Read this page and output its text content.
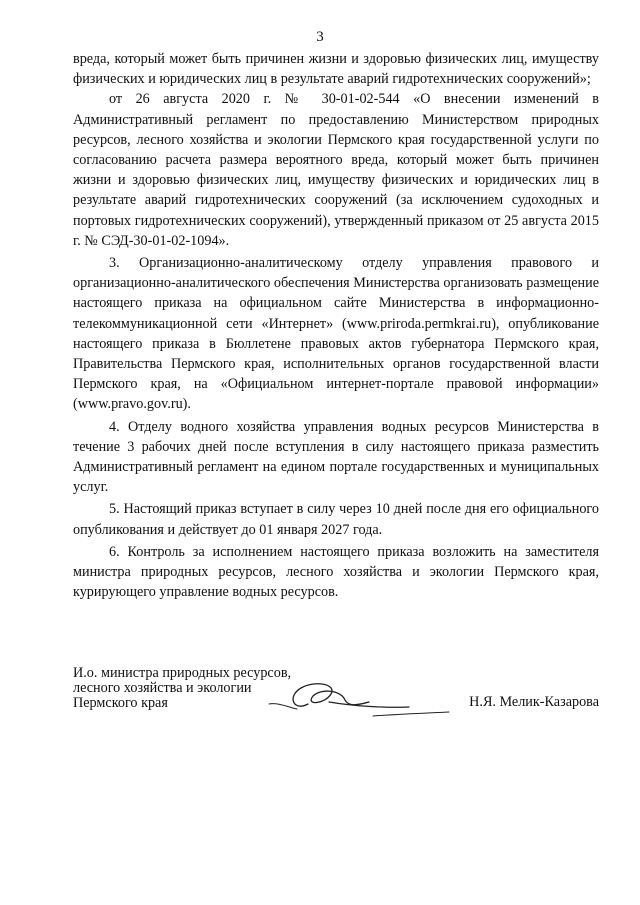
3

вреда, который может быть причинен жизни и здоровью физических лиц, имуществу физических и юридических лиц в результате аварий гидротехнических сооружений»;

от 26 августа 2020 г. № 30-01-02-544 «О внесении изменений в Административный регламент по предоставлению Министерством природных ресурсов, лесного хозяйства и экологии Пермского края государственной услуги по согласованию расчета размера вероятного вреда, который может быть причинен жизни и здоровью физических лиц, имуществу физических и юридических лиц в результате аварий гидротехнических сооружений (за исключением судоходных и портовых гидротехнических сооружений), утвержденный приказом от 25 августа 2015 г. № СЭД-30-01-02-1094».

3. Организационно-аналитическому отделу управления правового и организационно-аналитического обеспечения Министерства организовать размещение настоящего приказа на официальном сайте Министерства в информационно-телекоммуникационной сети «Интернет» (www.priroda.permkrai.ru), опубликование настоящего приказа в Бюллетене правовых актов губернатора Пермского края, Правительства Пермского края, исполнительных органов государственной власти Пермского края, на «Официальном интернет-портале правовой информации» (www.pravo.gov.ru).

4. Отделу водного хозяйства управления водных ресурсов Министерства в течение 3 рабочих дней после вступления в силу настоящего приказа разместить Административный регламент на едином портале государственных и муниципальных услуг.

5. Настоящий приказ вступает в силу через 10 дней после дня его официального опубликования и действует до 01 января 2027 года.

6. Контроль за исполнением настоящего приказа возложить на заместителя министра природных ресурсов, лесного хозяйства и экологии Пермского края, курирующего управление водных ресурсов.

И.о. министра природных ресурсов,
лесного хозяйства и экологии
Пермского края	Н.Я. Мелик-Казарова
